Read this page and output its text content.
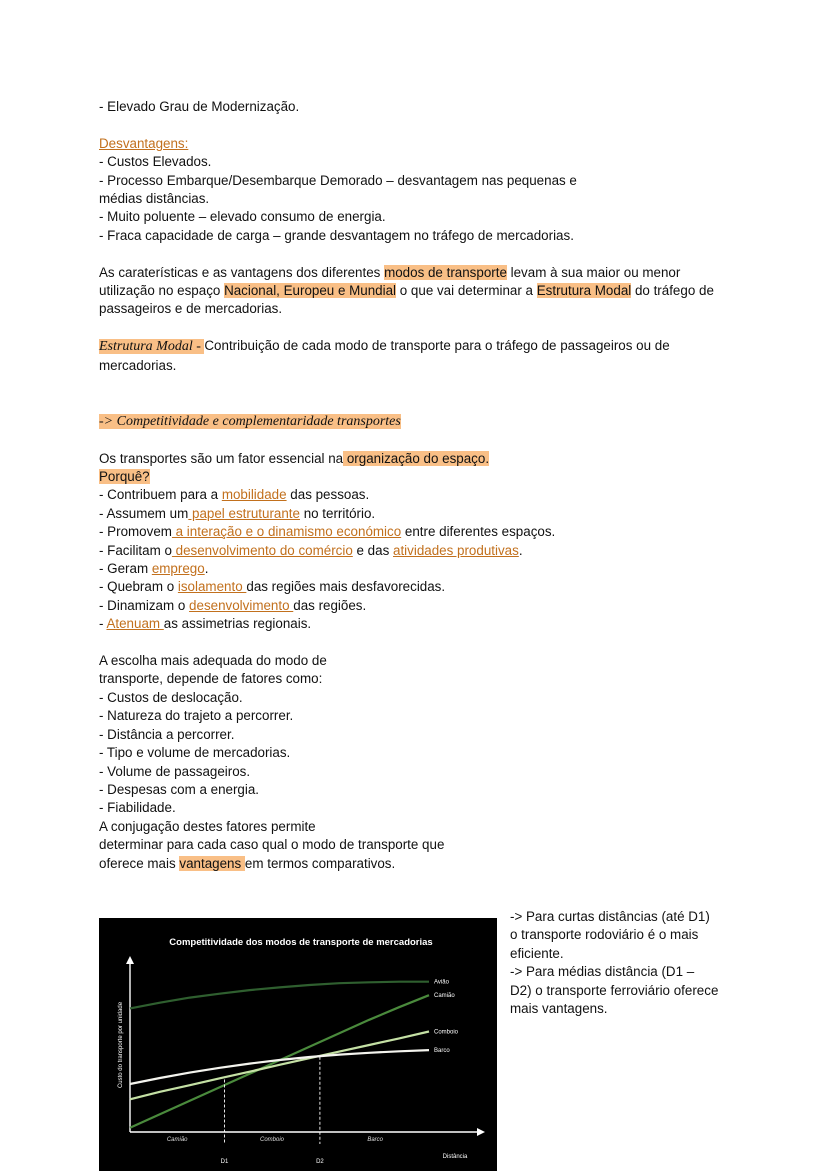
- Elevado Grau de Modernização.

Desvantagens:

- Custos Elevados.

- Processo Embarque/Desembarque Demorado – desvantagem nas pequenas e médias distâncias.

- Muito poluente – elevado consumo de energia.

- Fraca capacidade de carga – grande desvantagem no tráfego de mercadorias.

As caraterísticas e as vantagens dos diferentes modos de transporte levam à sua maior ou menor utilização no espaço Nacional, Europeu e Mundial o que vai determinar a Estrutura Modal do tráfego de passageiros e de mercadorias.

Estrutura Modal - Contribuição de cada modo de transporte para o tráfego de passageiros ou de mercadorias.

-> Competitividade e complementaridade transportes

Os transportes são um fator essencial na organização do espaço.

Porquê?

- Contribuem para a mobilidade das pessoas.

- Assumem um papel estruturante no território.

- Promovem a interação e o dinamismo económico entre diferentes espaços.

- Facilitam o desenvolvimento do comércio e das atividades produtivas.

- Geram emprego.

- Quebram o isolamento das regiões mais desfavorecidas.

- Dinamizam o desenvolvimento das regiões.

- Atenuam as assimetrias regionais.

A escolha mais adequada do modo de

transporte, depende de fatores como:

- Custos de deslocação.

- Natureza do trajeto a percorrer.

- Distância a percorrer.

- Tipo e volume de mercadorias.

- Volume de passageiros.

- Despesas com a energia.

- Fiabilidade.

A conjugação destes fatores permite

determinar para cada caso qual o modo de transporte que

oferece mais vantagens em termos comparativos.

Competitividade dos modos de transporte de mercadorias
Custo do transporte por unidade
Distância
Avião
Camião
Comboio
Barco
D1	D2
Camião	Comboio	Barco

-> Para curtas distâncias (até D1)

o transporte rodoviário é o mais

eficiente.

-> Para médias distância (D1 –

D2) o transporte ferroviário oferece

mais vantagens.
